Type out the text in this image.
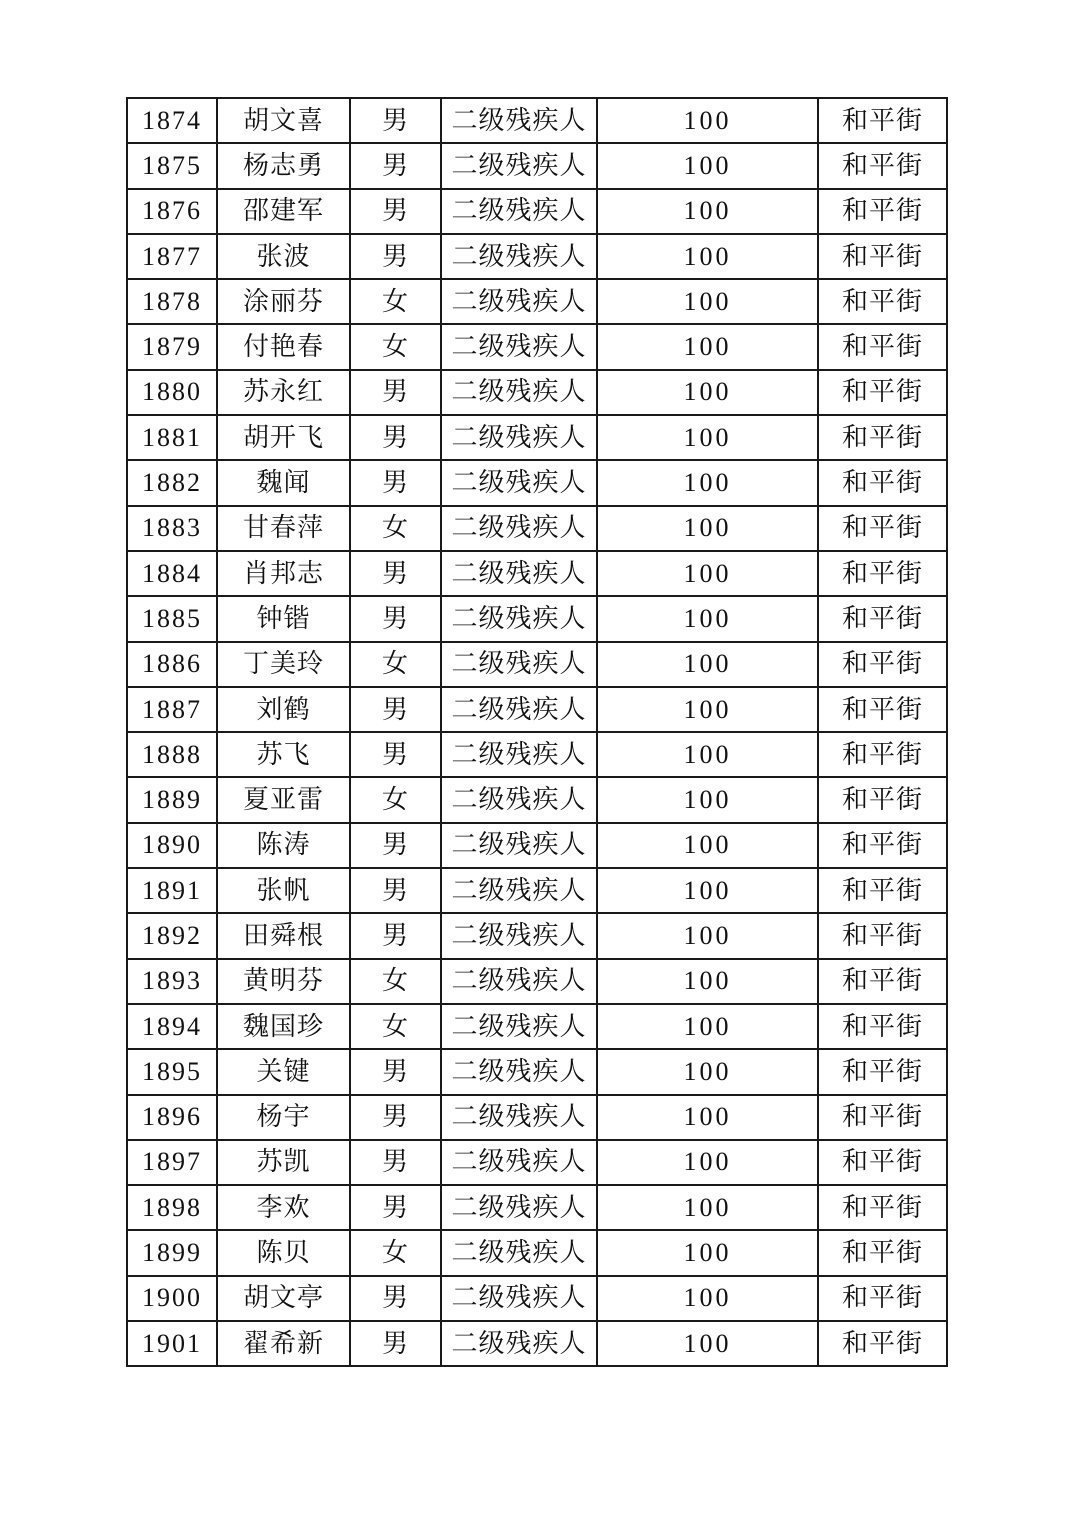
1874	胡文喜	男	二级残疾人	100	和平街
1875	杨志勇	男	二级残疾人	100	和平街
1876	邵建军	男	二级残疾人	100	和平街
1877	张波	男	二级残疾人	100	和平街
1878	涂丽芬	女	二级残疾人	100	和平街
1879	付艳春	女	二级残疾人	100	和平街
1880	苏永红	男	二级残疾人	100	和平街
1881	胡开飞	男	二级残疾人	100	和平街
1882	魏闻	男	二级残疾人	100	和平街
1883	甘春萍	女	二级残疾人	100	和平街
1884	肖邦志	男	二级残疾人	100	和平街
1885	钟锴	男	二级残疾人	100	和平街
1886	丁美玲	女	二级残疾人	100	和平街
1887	刘鹤	男	二级残疾人	100	和平街
1888	苏飞	男	二级残疾人	100	和平街
1889	夏亚雷	女	二级残疾人	100	和平街
1890	陈涛	男	二级残疾人	100	和平街
1891	张帆	男	二级残疾人	100	和平街
1892	田舜根	男	二级残疾人	100	和平街
1893	黄明芬	女	二级残疾人	100	和平街
1894	魏国珍	女	二级残疾人	100	和平街
1895	关键	男	二级残疾人	100	和平街
1896	杨宇	男	二级残疾人	100	和平街
1897	苏凯	男	二级残疾人	100	和平街
1898	李欢	男	二级残疾人	100	和平街
1899	陈贝	女	二级残疾人	100	和平街
1900	胡文亭	男	二级残疾人	100	和平街
1901	翟希新	男	二级残疾人	100	和平街
